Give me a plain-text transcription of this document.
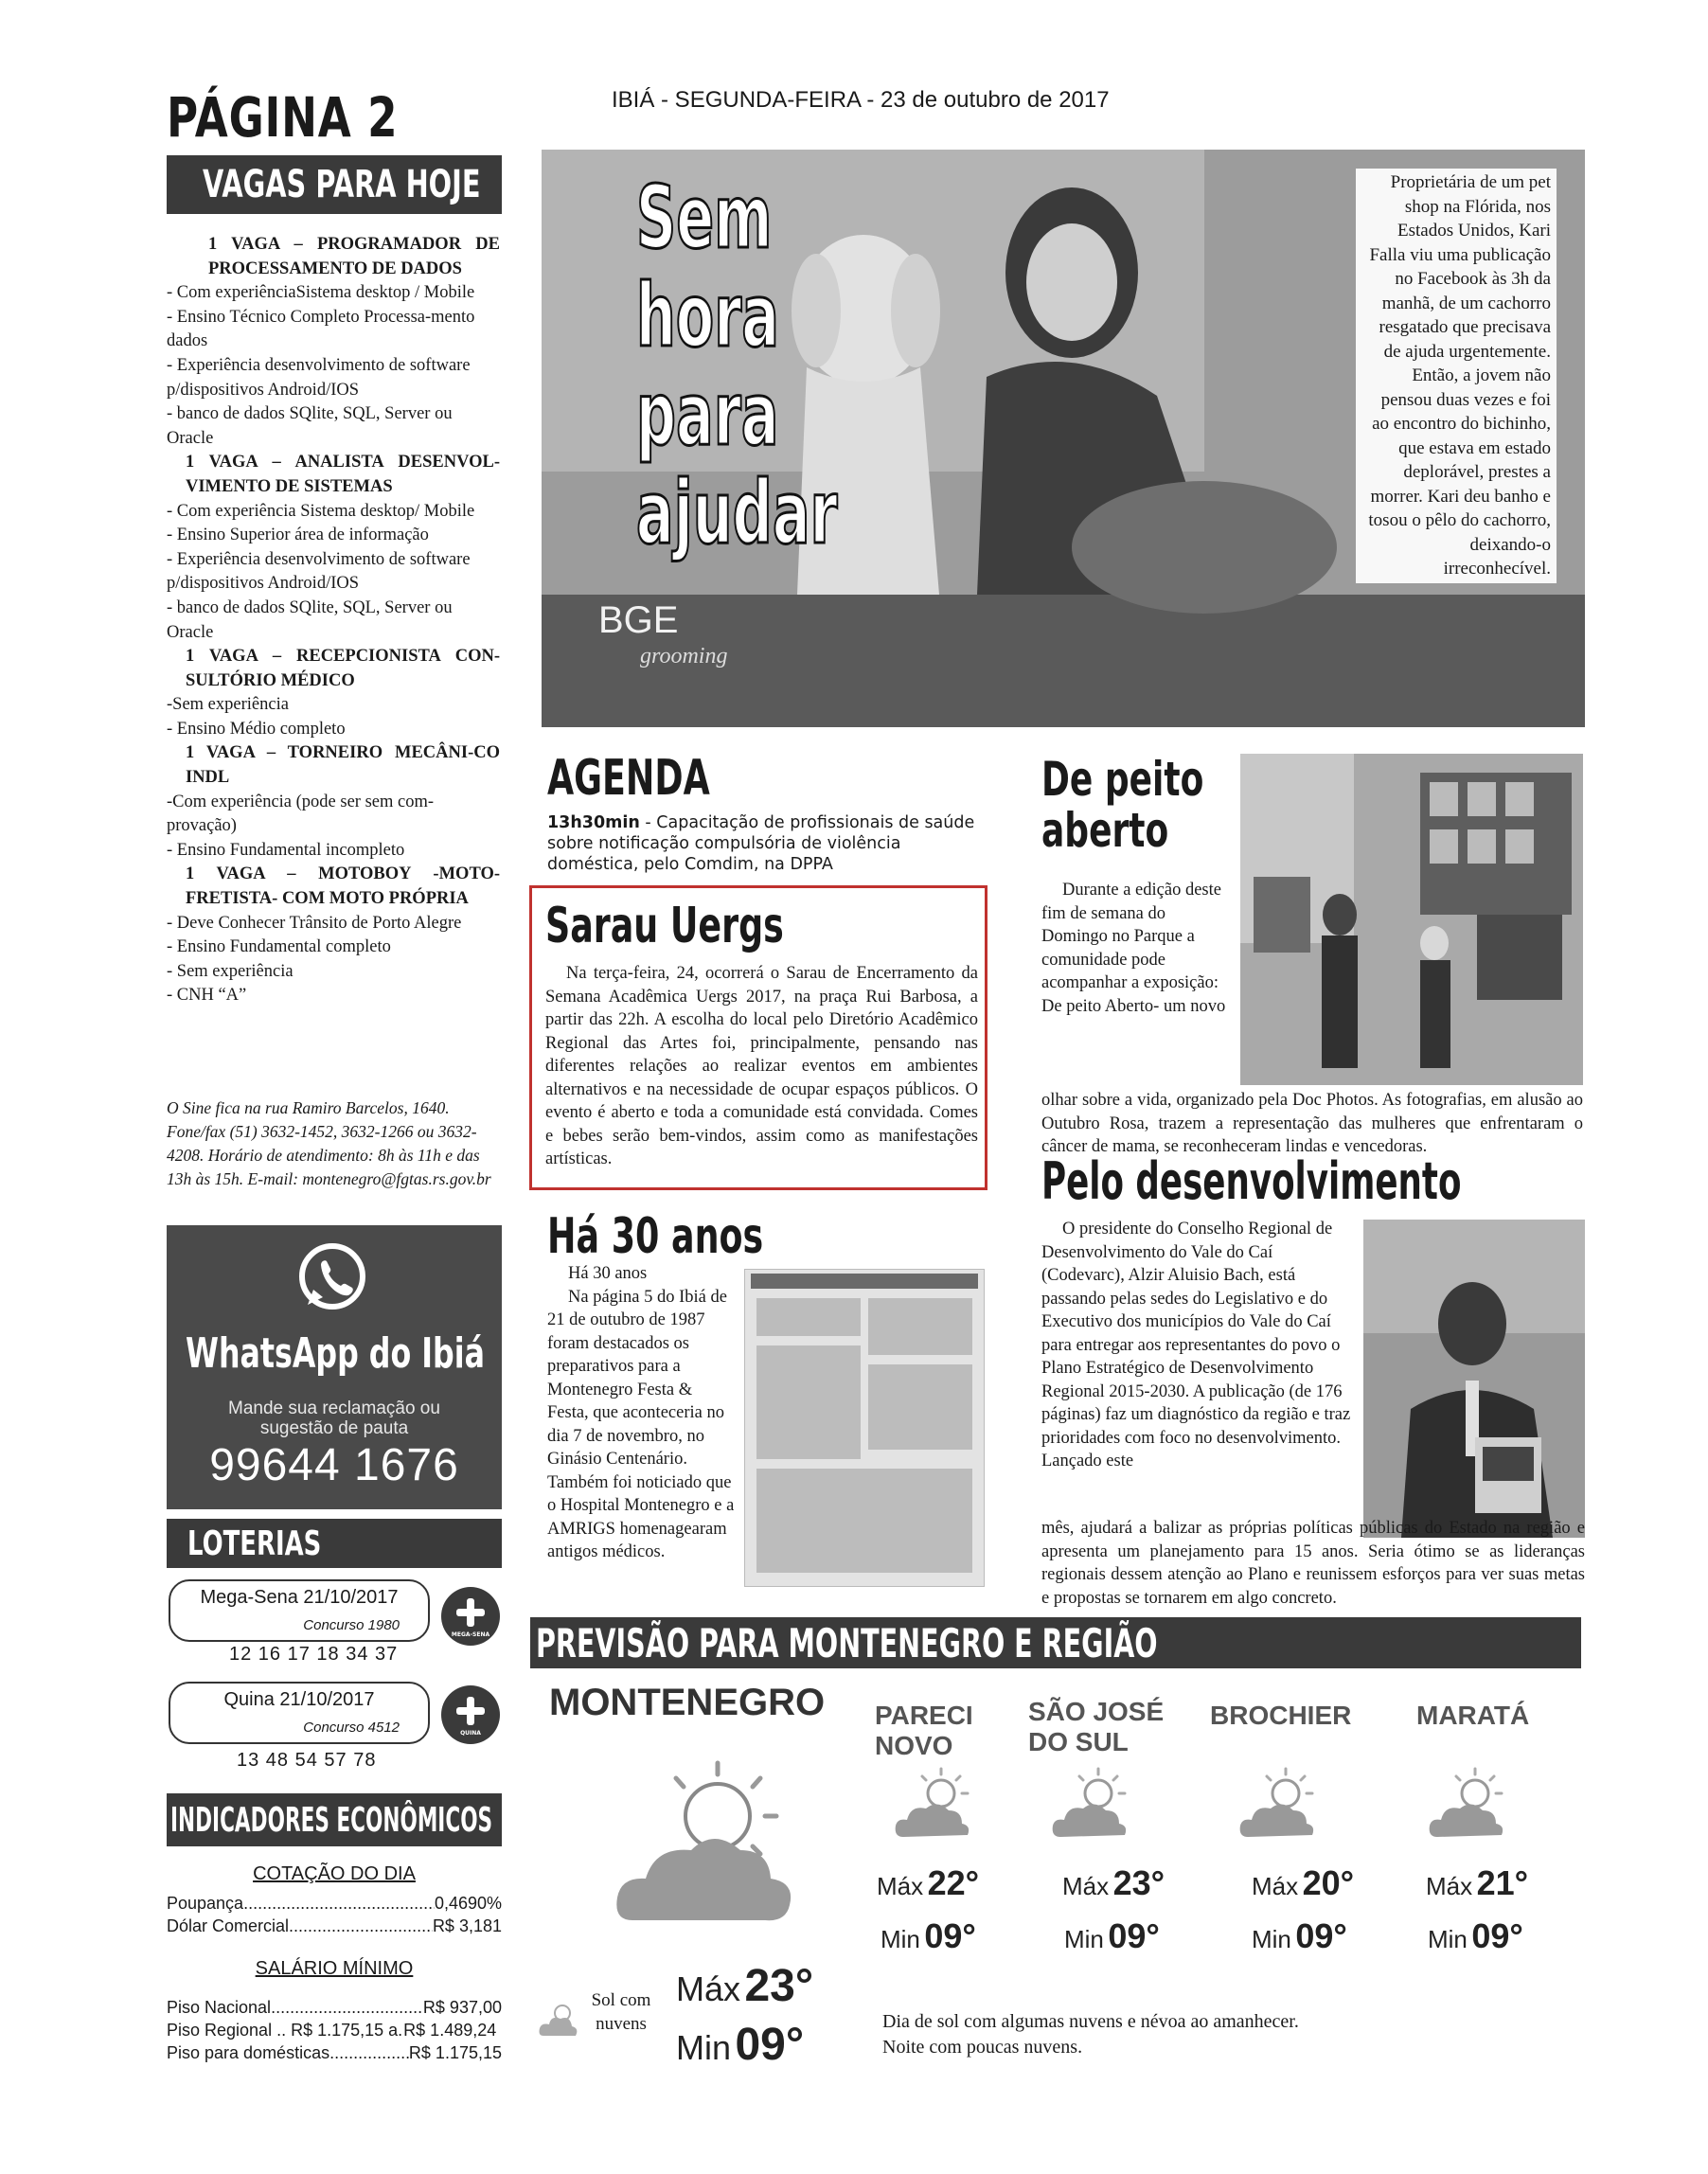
PÁGINA 2
VAGAS PARA HOJE

1 VAGA – PROGRAMADOR DE PROCESSAMENTO DE DADOS

- Com experiênciaSistema desktop / Mobile

- Ensino Técnico Completo Processa-mento dados

- Experiência desenvolvimento de software p/dispositivos Android/IOS

- banco de dados SQlite, SQL, Server ou Oracle

1 VAGA – ANALISTA DESENVOL-VIMENTO DE SISTEMAS

- Com experiência Sistema desktop/ Mobile

- Ensino Superior área de informação

- Experiência desenvolvimento de software p/dispositivos Android/IOS

- banco de dados SQlite, SQL, Server ou Oracle

1 VAGA – RECEPCIONISTA CON-SULTÓRIO MÉDICO

-Sem experiência

- Ensino Médio completo

1 VAGA – TORNEIRO MECÂNI-CO INDL

-Com experiência (pode ser sem com-provação)

- Ensino Fundamental incompleto

1 VAGA – MOTOBOY -MOTO-FRETISTA- COM MOTO PRÓPRIA

- Deve Conhecer Trânsito de Porto Alegre

- Ensino Fundamental completo

- Sem experiência

- CNH “A”

O Sine fica na rua Ramiro Barcelos, 1640. Fone/fax (51) 3632-1452, 3632-1266 ou 3632-4208. Horário de atendimento: 8h às 11h e das 13h às 15h. E-mail: montenegro@fgtas.rs.gov.br
WhatsApp do Ibiá
Mande sua reclamação ou
sugestão de pauta
99644 1676
LOTERIAS
Mega-Sena 21/10/2017
Concurso 1980
MEGA-SENA
12 16 17 18 34 37
Quina 21/10/2017
Concurso 4512	QUINA
13 48 54 57 78
INDICADORES ECONÔMICOS
COTAÇÃO DO DIA
Poupança .....	0,4690%
Dólar Comercial .....	R$ 3,181
SALÁRIO MÍNIMO
Piso Nacional .....	R$ 937,00
Piso Regional .. R$ 1.175,15 a ..... R$ 1.489,24
Piso para domésticas .....	R$ 1.175,15
IBIÁ - SEGUNDA-FEIRA - 23 de outubro de 2017
Sem
hora
para
ajudar
Proprietária de um pet shop na Flórida, nos Estados Unidos, Kari Falla viu uma publicação no Facebook às 3h da manhã, de um cachorro resgatado que precisava de ajuda urgentemente. Então, a jovem não pensou duas vezes e foi ao encontro do bichinho, que estava em estado deplorável, prestes a morrer. Kari deu banho e tosou o pêlo do cachorro, deixando-o irreconhecível.
BGE
grooming
AGENDA
13h30min - Capacitação de profissionais de saúde sobre notificação compulsória de violência doméstica, pelo Comdim, na DPPA
Sarau Uergs
Na terça-feira, 24, ocorrerá o Sarau de Encerramento da Semana Acadêmica Uergs 2017, na praça Rui Barbosa, a partir das 22h. A escolha do local pelo Diretório Acadêmico Regional das Artes foi, principalmente, pensando nas diferentes relações ao realizar eventos em ambientes alternativos e na necessidade de ocupar espaços públicos. O evento é aberto e toda a comunidade está convidada. Comes e bebes serão bem-vindos, assim como as manifestações artísticas.
Há 30 anos
Há 30 anos
Na página 5 do Ibiá de 21 de outubro de 1987 foram destacados os preparativos para a Montenegro Festa & Festa, que aconteceria no dia 7 de novembro, no Ginásio Centenário. Também foi noticiado que o Hospital Montenegro e a AMRIGS homenagearam antigos médicos.
De peito
aberto
Durante a edição deste fim de semana do Domingo no Parque a comunidade pode acompanhar a exposição: De peito Aberto- um novo
olhar sobre a vida, organizado pela Doc Photos. As fotografias, em alusão ao Outubro Rosa, trazem a representação das mulheres que enfrentaram o câncer de mama, se reconheceram lindas e vencedoras.
Pelo desenvolvimento
O presidente do Conselho Regional de Desenvolvimento do Vale do Caí (Codevarc), Alzir Aluisio Bach, está passando pelas sedes do Legislativo e do Executivo dos municípios do Vale do Caí para entregar aos representantes do povo o Plano Estratégico de Desenvolvimento Regional 2015-2030. A publicação (de 176 páginas) faz um diagnóstico da região e traz prioridades com foco no desenvolvimento. Lançado este
mês, ajudará a balizar as próprias políticas públicas do Estado na região e apresenta um planejamento para 15 anos. Seria ótimo se as lideranças regionais dessem atenção ao Plano e reunissem esforços para ver suas metas e propostas se tornarem em algo concreto.
PREVISÃO PARA MONTENEGRO E REGIÃO
MONTENEGRO
Máx 23°
Min 09°
Sol com
nuvens
PARECI
NOVO
Máx 22°
Min 09°
SÃO JOSÉ
DO SUL
Máx 23°
Min 09°
BROCHIER
Máx 20°
Min 09°
MARATÁ
Máx 21°
Min 09°
Dia de sol com algumas nuvens e névoa ao amanhecer.
Noite com poucas nuvens.
